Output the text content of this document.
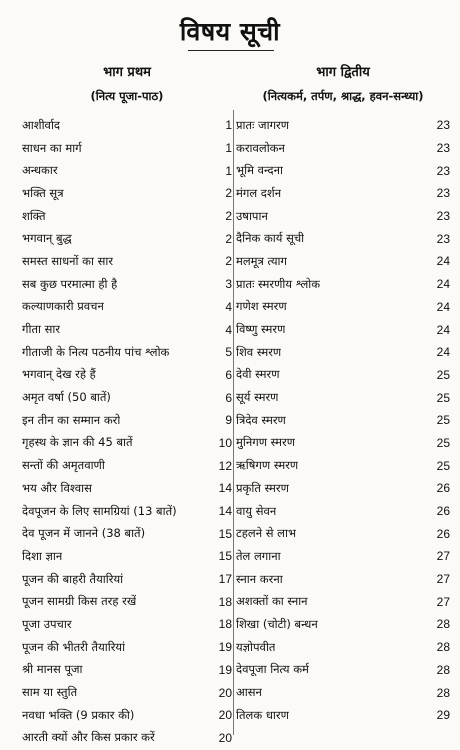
विषय सूची
भाग प्रथम
(नित्य पूजा-पाठ)
आशीर्वाद	1
साधन का मार्ग	1
अन्धकार	1
भक्ति सूत्र	2
शक्ति	2
भगवान् बुद्ध	2
समस्त साधनों का सार	2
सब कुछ परमात्मा ही है	3
कल्याणकारी प्रवचन	4
गीता सार	4
गीताजी के नित्य पठनीय पांच श्लोक	5
भगवान् देख रहे हैं	6
अमृत वर्षा (50 बातें)	6
इन तीन का सम्मान करो	9
गृहस्थ के ज्ञान की 45 बातें	10
सन्तों की अमृतवाणी	12
भय और विश्वास	14
देवपूजन के लिए सामग्रियां (13 बातें)	14
देव पूजन में जानने (38 बातें)	15
दिशा ज्ञान	15
पूजन की बाहरी तैयारियां	17
पूजन सामग्री किस तरह रखें	18
पूजा उपचार	18
पूजन की भीतरी तैयारियां	19
श्री मानस पूजा	19
साम या स्तुति	20
नवधा भक्ति (9 प्रकार की)	20
आरती क्यों और किस प्रकार करें	20
भाग द्वितीय
(नित्यकर्म, तर्पण, श्राद्ध, हवन-सन्ध्या)
प्रातः जागरण	23
करावलोकन	23
भूमि वन्दना	23
मंगल दर्शन	23
उषापान	23
दैनिक कार्य सूची	23
मलमूत्र त्याग	24
प्रातः स्मरणीय श्लोक	24
गणेश स्मरण	24
विष्णु स्मरण	24
शिव स्मरण	24
देवी स्मरण	25
सूर्य स्मरण	25
त्रिदेव स्मरण	25
मुनिगण स्मरण	25
ऋषिगण स्मरण	25
प्रकृति स्मरण	26
वायु सेवन	26
टहलने से लाभ	26
तेल लगाना	27
स्नान करना	27
अशक्तों का स्नान	27
शिखा (चोटी) बन्धन	28
यज्ञोपवीत	28
देवपूजा नित्य कर्म	28
आसन	28
तिलक धारण	29
